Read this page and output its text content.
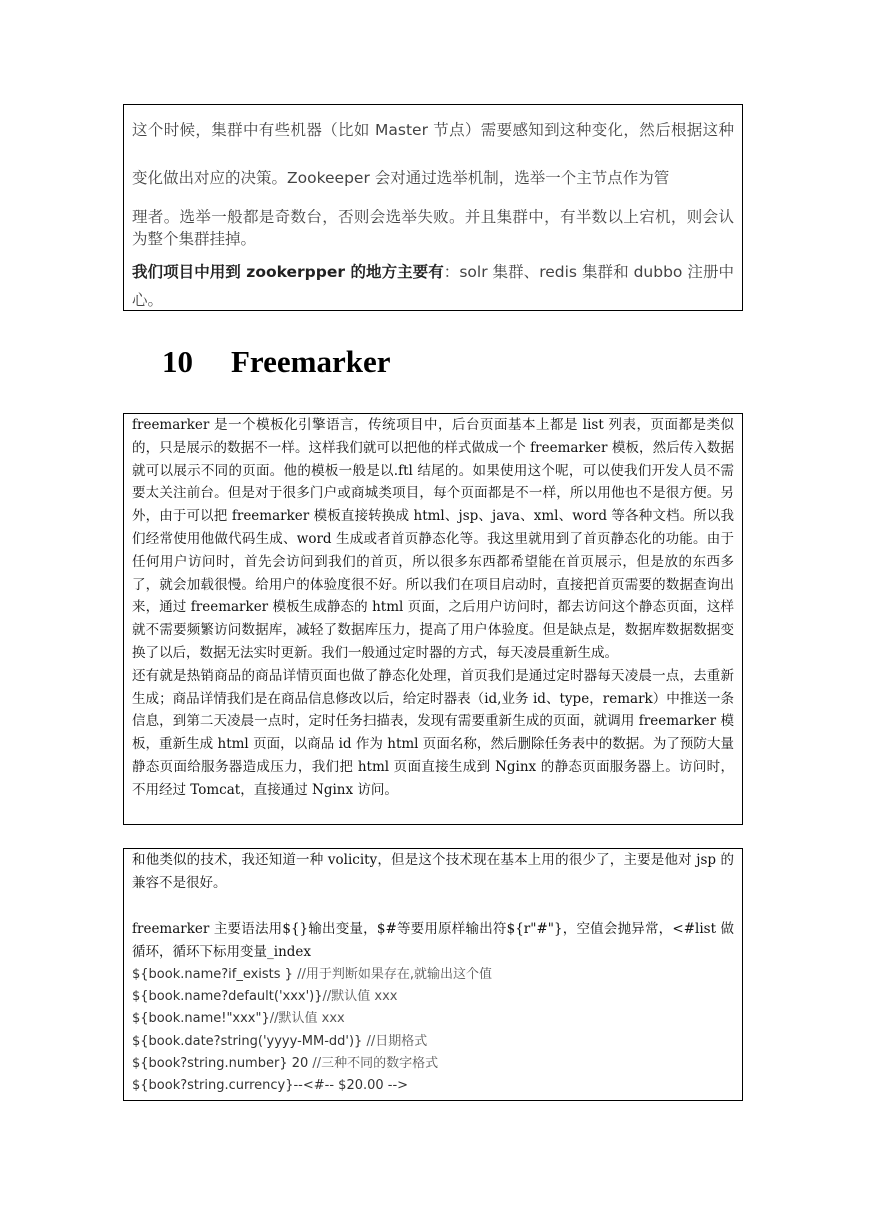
这个时候，集群中有些机器（比如 Master 节点）需要感知到这种变化，然后根据这种变化做出对应的决策。Zookeeper 会对通过选举机制，选举一个主节点作为管

理者。选举一般都是奇数台，否则会选举失败。并且集群中，有半数以上宕机，则会认为整个集群挂掉。

我们项目中用到 zookerpper 的地方主要有：solr 集群、redis 集群和 dubbo 注册中心。

10 Freemarker

freemarker 是一个模板化引擎语言，传统项目中，后台页面基本上都是 list 列表，页面都是类似的，只是展示的数据不一样。这样我们就可以把他的样式做成一个 freemarker 模板，然后传入数据就可以展示不同的页面。他的模板一般是以.ftl 结尾的。如果使用这个呢，可以使我们开发人员不需要太关注前台。但是对于很多门户或商城类项目，每个页面都是不一样，所以用他也不是很方便。另外，由于可以把 freemarker 模板直接转换成 html、jsp、java、xml、word 等各种文档。所以我们经常使用他做代码生成、word 生成或者首页静态化等。我这里就用到了首页静态化的功能。由于任何用户访问时，首先会访问到我们的首页，所以很多东西都希望能在首页展示，但是放的东西多了，就会加载很慢。给用户的体验度很不好。所以我们在项目启动时，直接把首页需要的数据查询出来，通过 freemarker 模板生成静态的 html 页面，之后用户访问时，都去访问这个静态页面，这样就不需要频繁访问数据库，减轻了数据库压力，提高了用户体验度。但是缺点是，数据库数据数据变换了以后，数据无法实时更新。我们一般通过定时器的方式，每天凌晨重新生成。

还有就是热销商品的商品详情页面也做了静态化处理，首页我们是通过定时器每天凌晨一点，去重新生成；商品详情我们是在商品信息修改以后，给定时器表（id,业务 id、type，remark）中推送一条信息，到第二天凌晨一点时，定时任务扫描表，发现有需要重新生成的页面，就调用 freemarker 模板，重新生成 html 页面，以商品 id 作为 html 页面名称，然后删除任务表中的数据。为了预防大量静态页面给服务器造成压力，我们把 html 页面直接生成到 Nginx 的静态页面服务器上。访问时，不用经过 Tomcat，直接通过 Nginx 访问。

和他类似的技术，我还知道一种 volicity，但是这个技术现在基本上用的很少了，主要是他对 jsp 的兼容不是很好。

freemarker 主要语法用${}输出变量，$#等要用原样输出符${r"#"}，空值会抛异常，<#list 做循环，循环下标用变量_index

${book.name?if_exists } //用于判断如果存在,就输出这个值
${book.name?default('xxx')}//默认值 xxx
${book.name!"xxx"}//默认值 xxx
${book.date?string('yyyy-MM-dd')} //日期格式
${book?string.number} 20 //三种不同的数字格式
${book?string.currency}--<#-- $20.00 -->
